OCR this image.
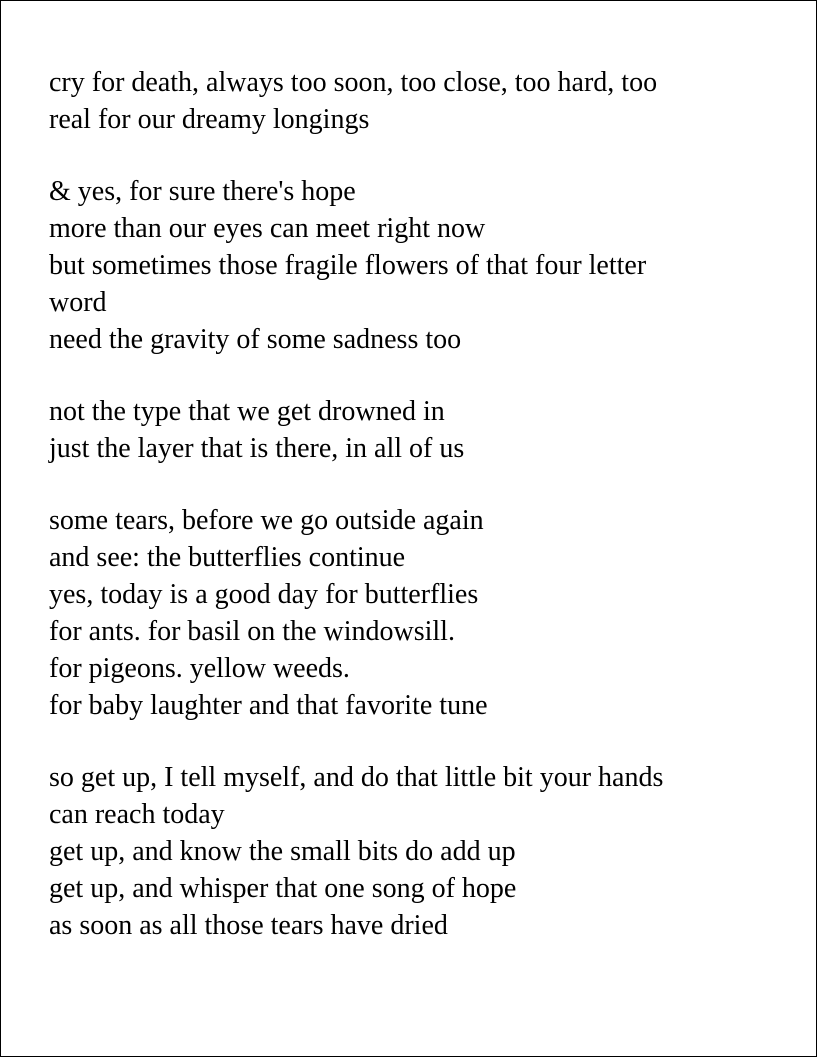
cry for death, always too soon, too close, too hard, too
real for our dreamy longings
& yes, for sure there's hope
more than our eyes can meet right now
but sometimes those fragile flowers of that four letter
word
need the gravity of some sadness too
not the type that we get drowned in
just the layer that is there, in all of us
some tears, before we go outside again
and see: the butterflies continue
yes, today is a good day for butterflies
for ants. for basil on the windowsill.
for pigeons. yellow weeds.
for baby laughter and that favorite tune
so get up, I tell myself, and do that little bit your hands
can reach today
get up, and know the small bits do add up
get up, and whisper that one song of hope
as soon as all those tears have dried
